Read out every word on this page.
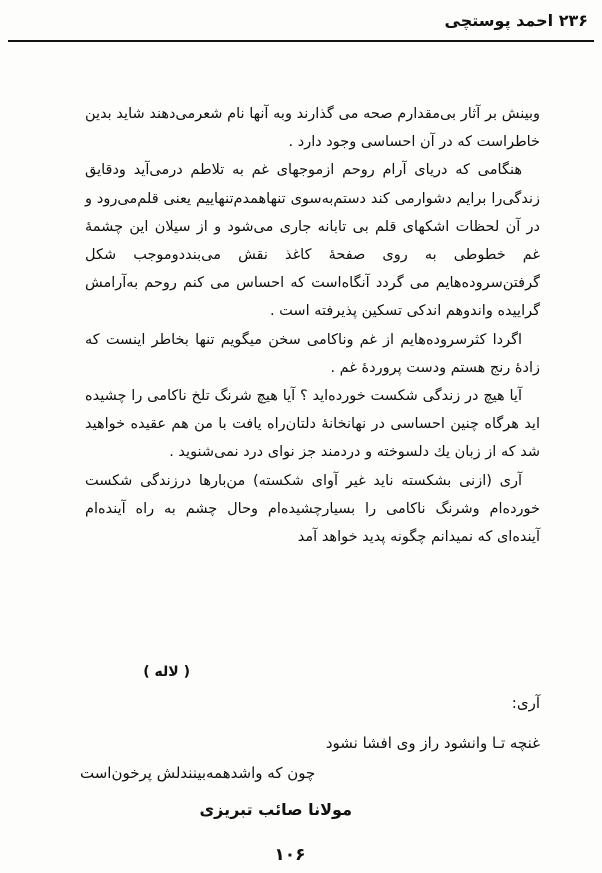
۲۳۶ احمد پوستچی

وبینش بر آثار بی‌مقدارم صحه می گذارند وبه آنها نام شعرمی‌دهند شاید بدین خاطراست که در آن احساسی وجود دارد .

هنگامی که دریای آرام روحم ازموجهای غم به تلاطم درمی‌آید ودقایق زندگی‌را برایم دشوارمی کند دستم‌به‌سوی تنها‌همدم‌تنهاییم یعنی قلم‌می‌رود و در آن لحظات اشکهای قلم بی تابانه جاری می‌شود و از سیلان این چشمهٔ غم خطوطی به روی صفحهٔ کاغذ نقش می‌بندد‌وموجب شکل گرفتن‌سروده‌هایم می گردد آنگاه‌است که احساس می کنم روحم به‌آرامش گراییده واندوهم اندکی تسکین پذیرفته است .

اگردا کثرسروده‌هایم از غم وناکامی سخن میگویم تنها بخاطر اینست که زادهٔ رنج هستم ودست پروردهٔ غم .

آیا هیچ در زندگی شکست خورده‌اید ؟ آیا هیچ شرنگ تلخ ناکامی را چشیده اید هرگاه چنین احساسی در نهانخانهٔ دلتان‌راه یافت با من هم عقیده خواهید شد که از زبان یك دلسوخته و دردمند جز نوای درد نمی‌شنوید .

آری (ازنی بشکسته ناید غیر آوای شکسته) من‌بارها درزندگی شکست خورده‌ام وشرنگ ناکامی را بسیارچشیده‌ام وحال چشم به راه آینده‌ام آینده‌ای که نمیدانم چگونه پدید خواهد آمد

( لاله )
آری:
غنچه تـا وانشود راز وی افشا نشود
چون که واشدهمه‌بینندلش پرخون‌است
مولانا صائب تبریزی
۱۰۶
